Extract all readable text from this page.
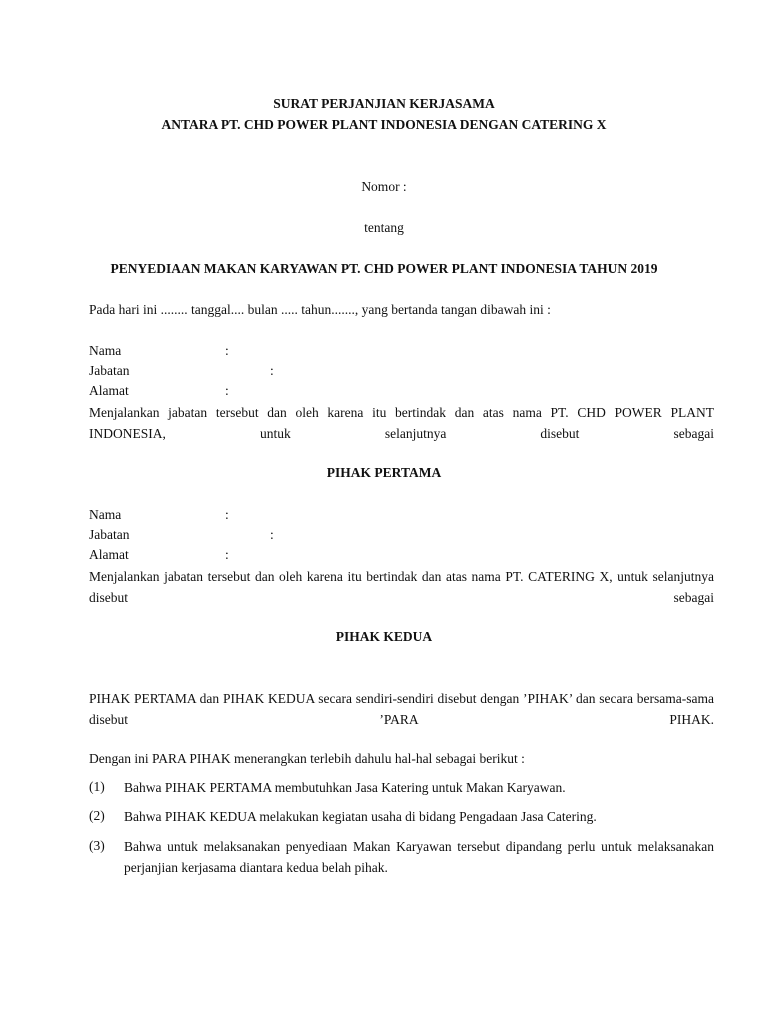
SURAT PERJANJIAN KERJASAMA
ANTARA PT. CHD POWER PLANT INDONESIA DENGAN CATERING X
Nomor :
tentang
PENYEDIAAN MAKAN KARYAWAN PT. CHD POWER PLANT INDONESIA TAHUN 2019
Pada hari ini ........ tanggal.... bulan ..... tahun......., yang bertanda tangan dibawah ini :
Nama	:
Jabatan	:
Alamat	:
Menjalankan jabatan tersebut dan oleh karena itu bertindak dan atas nama PT. CHD POWER PLANT INDONESIA, untuk selanjutnya disebut sebagai
PIHAK PERTAMA
Nama	:
Jabatan	:
Alamat	:
Menjalankan jabatan tersebut dan oleh karena itu bertindak dan atas nama PT. CATERING X, untuk selanjutnya disebut sebagai
PIHAK KEDUA
PIHAK PERTAMA dan PIHAK KEDUA secara sendiri-sendiri disebut dengan ’PIHAK’ dan secara bersama-sama disebut ’PARA PIHAK.
Dengan ini PARA PIHAK menerangkan terlebih dahulu hal-hal sebagai berikut :
(1) Bahwa PIHAK PERTAMA membutuhkan Jasa Katering untuk Makan Karyawan.
(2) Bahwa PIHAK KEDUA melakukan kegiatan usaha di bidang Pengadaan Jasa Catering.
(3) Bahwa untuk melaksanakan penyediaan Makan Karyawan tersebut dipandang perlu untuk melaksanakan perjanjian kerjasama diantara kedua belah pihak.
